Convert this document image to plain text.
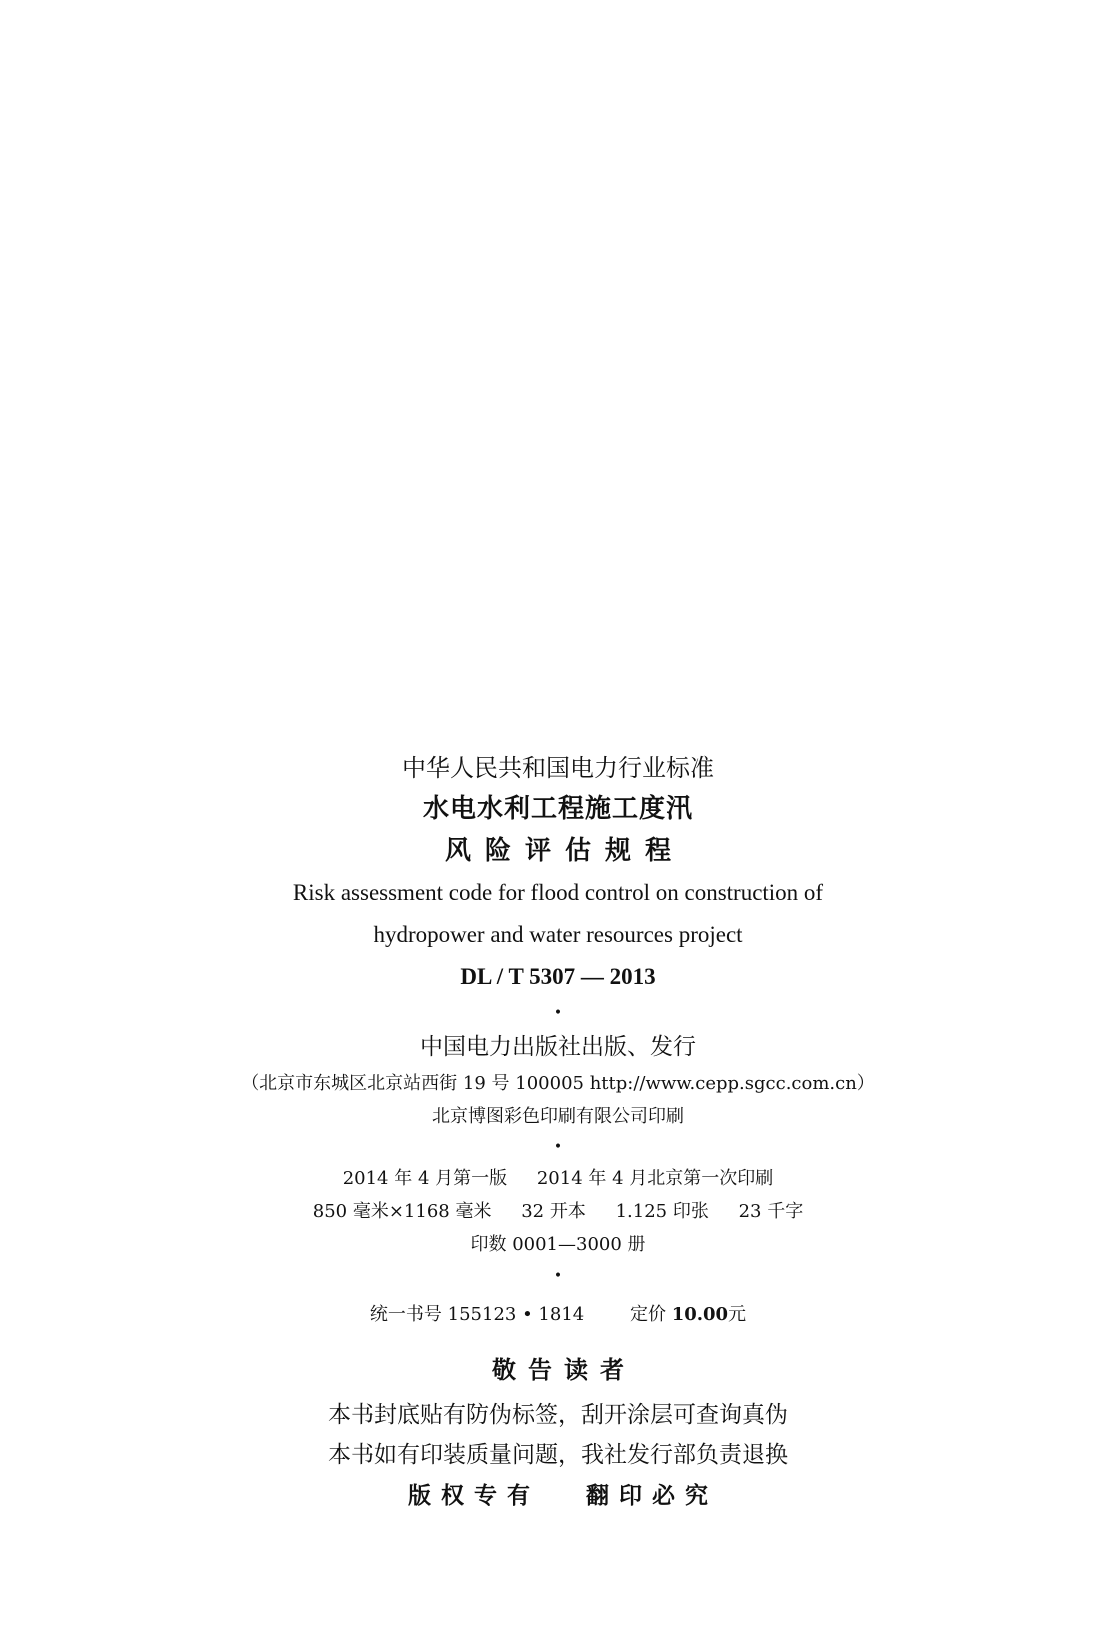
中华人民共和国电力行业标准
水电水利工程施工度汛
风险评估规程
Risk assessment code for flood control on construction of
hydropower and water resources project
DL / T 5307 — 2013
•
中国电力出版社出版、发行
（北京市东城区北京站西街 19 号 100005 http://www.cepp.sgcc.com.cn）
北京博图彩色印刷有限公司印刷
•
2014 年 4 月第一版 2014 年 4 月北京第一次印刷
850 毫米×1168 毫米 32 开本 1.125 印张 23 千字
印数 0001—3000 册
•
统一书号 155123 • 1814	定价 10.00元
敬告读者
本书封底贴有防伪标签，刮开涂层可查询真伪
本书如有印装质量问题，我社发行部负责退换
版权专有 翻印必究
